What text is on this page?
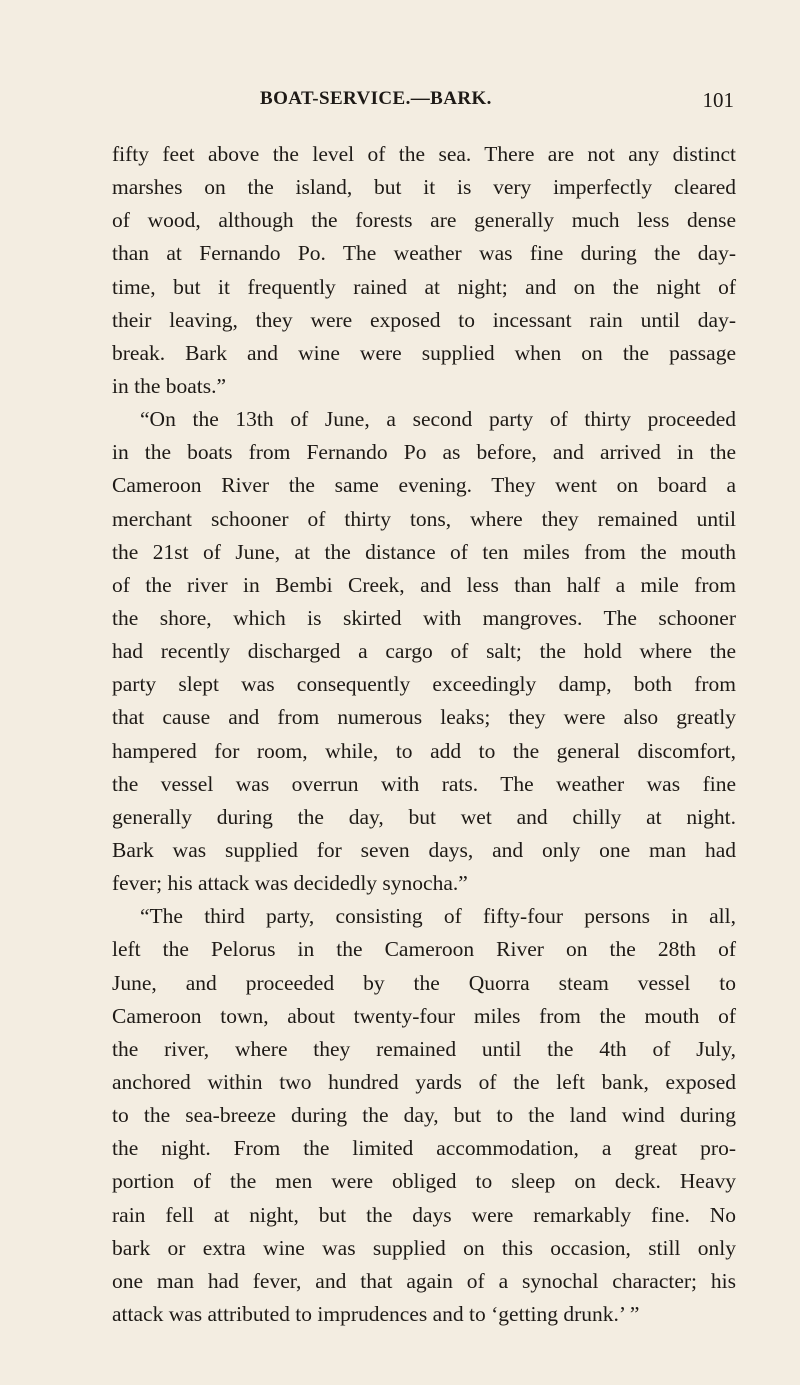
BOAT-SERVICE.—BARK.	101
fifty feet above the level of the sea. There are not any distinct
marshes on the island, but it is very imperfectly cleared
of wood, although the forests are generally much less dense
than at Fernando Po. The weather was fine during the day-
time, but it frequently rained at night; and on the night of
their leaving, they were exposed to incessant rain until day-
break. Bark and wine were supplied when on the passage
in the boats.”
“On the 13th of June, a second party of thirty proceeded
in the boats from Fernando Po as before, and arrived in the
Cameroon River the same evening. They went on board a
merchant schooner of thirty tons, where they remained until
the 21st of June, at the distance of ten miles from the mouth
of the river in Bembi Creek, and less than half a mile from
the shore, which is skirted with mangroves. The schooner
had recently discharged a cargo of salt; the hold where the
party slept was consequently exceedingly damp, both from
that cause and from numerous leaks; they were also greatly
hampered for room, while, to add to the general discomfort,
the vessel was overrun with rats. The weather was fine
generally during the day, but wet and chilly at night.
Bark was supplied for seven days, and only one man had
fever; his attack was decidedly synocha.”
“The third party, consisting of fifty-four persons in all,
left the Pelorus in the Cameroon River on the 28th of
June, and proceeded by the Quorra steam vessel to
Cameroon town, about twenty-four miles from the mouth of
the river, where they remained until the 4th of July,
anchored within two hundred yards of the left bank, exposed
to the sea-breeze during the day, but to the land wind during
the night. From the limited accommodation, a great pro-
portion of the men were obliged to sleep on deck. Heavy
rain fell at night, but the days were remarkably fine. No
bark or extra wine was supplied on this occasion, still only
one man had fever, and that again of a synochal character; his
attack was attributed to imprudences and to ‘getting drunk.’ ”
